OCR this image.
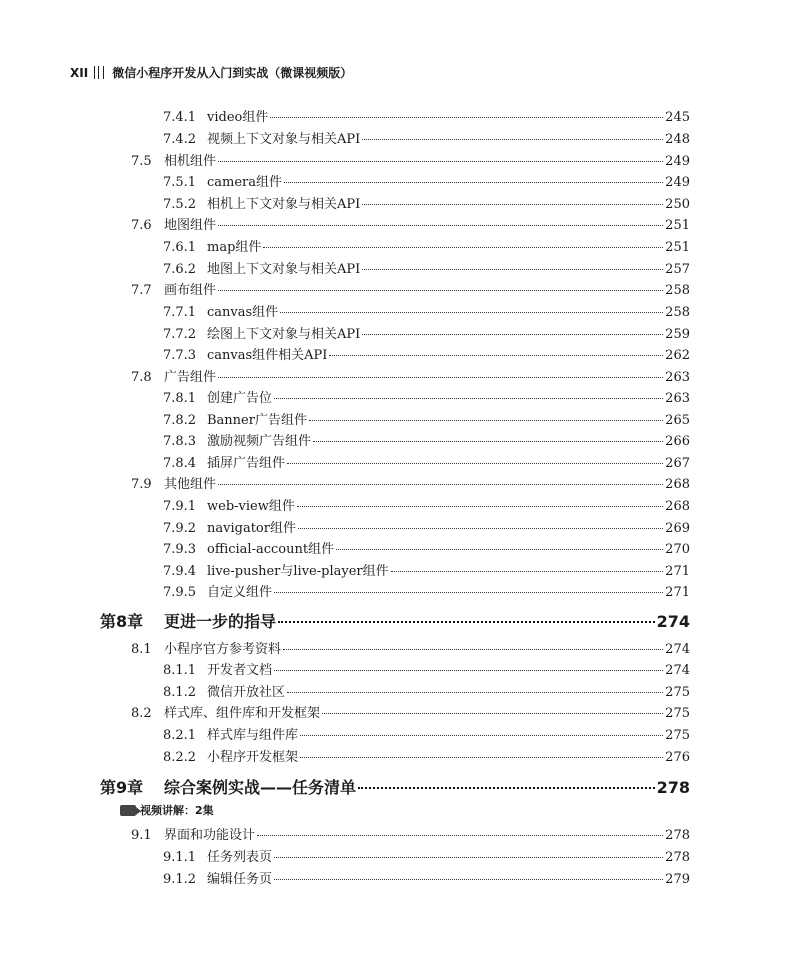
XII 微信小程序开发从入门到实战（微课视频版）
7.4.1 video组件	245
7.4.2 视频上下文对象与相关API	248
7.5 相机组件	249
7.5.1 camera组件	249
7.5.2 相机上下文对象与相关API	250
7.6 地图组件	251
7.6.1 map组件	251
7.6.2 地图上下文对象与相关API	257
7.7 画布组件	258
7.7.1 canvas组件	258
7.7.2 绘图上下文对象与相关API	259
7.7.3 canvas组件相关API	262
7.8 广告组件	263
7.8.1 创建广告位	263
7.8.2 Banner广告组件	265
7.8.3 激励视频广告组件	266
7.8.4 插屏广告组件	267
7.9 其他组件	268
7.9.1 web-view组件	268
7.9.2 navigator组件	269
7.9.3 official-account组件	270
7.9.4 live-pusher与live-player组件	271
7.9.5 自定义组件	271
第8章	更进一步的指导	274
8.1 小程序官方参考资料	274
8.1.1 开发者文档	274
8.1.2 微信开放社区	275
8.2 样式库、组件库和开发框架	275
8.2.1 样式库与组件库	275
8.2.2 小程序开发框架	276
第9章	综合案例实战——任务清单	278
9.1 界面和功能设计	278
9.1.1 任务列表页	278
9.1.2 编辑任务页	279
视频讲解：2集
